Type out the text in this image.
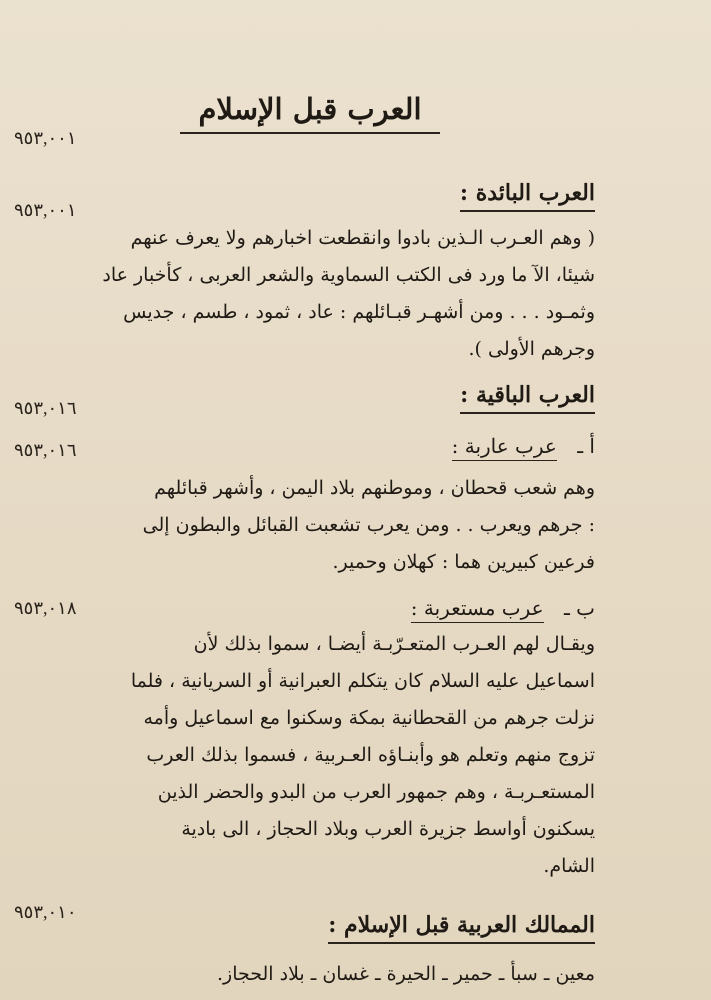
العرب قبل الإسلام
٩٥٣,٠٠١
٩٥٣,٠٠١
٩٥٣,٠١٦
٩٥٣,٠١٦
٩٥٣,٠١٨
٩٥٣,٠١٠
العرب البائدة :
( وهم العـرب الـذين بادوا وانقطعت اخبارهم ولا يعرف عنهم
شيئا، الآ ما ورد فى الكتب السماوية والشعر العربى ، كأخبار عاد
وثمـود . . . ومن أشهـر قبـائلهم : عاد ، ثمود ، طسم ، جديس
وجرهم الأولى ).
العرب الباقية :
أ ـ عرب عاربة :
وهم شعب قحطان ، وموطنهم بلاد اليمن ، وأشهر قبائلهم
: جرهم ويعرب . . ومن يعرب تشعبت القبائل والبطون إلى
فرعين كبيرين هما : كهلان وحمير.
ب ـ عرب مستعربة :
ويقـال لهم العـرب المتعـرّبـة أيضـا ، سموا بذلك لأن
اسماعيل عليه السلام كان يتكلم العبرانية أو السريانية ، فلما
نزلت جرهم من القحطانية بمكة وسكنوا مع اسماعيل وأمه
تزوج منهم وتعلم هو وأبنـاؤه العـربية ، فسموا بذلك العرب
المستعـربـة ، وهم جمهور العرب من البدو والحضر الذين
يسكنون أواسط جزيرة العرب وبلاد الحجاز ، الى بادية
الشام.
الممالك العربية قبل الإسلام :
معين ـ سبأ ـ حمير ـ الحيرة ـ غسان ـ بلاد الحجاز.
